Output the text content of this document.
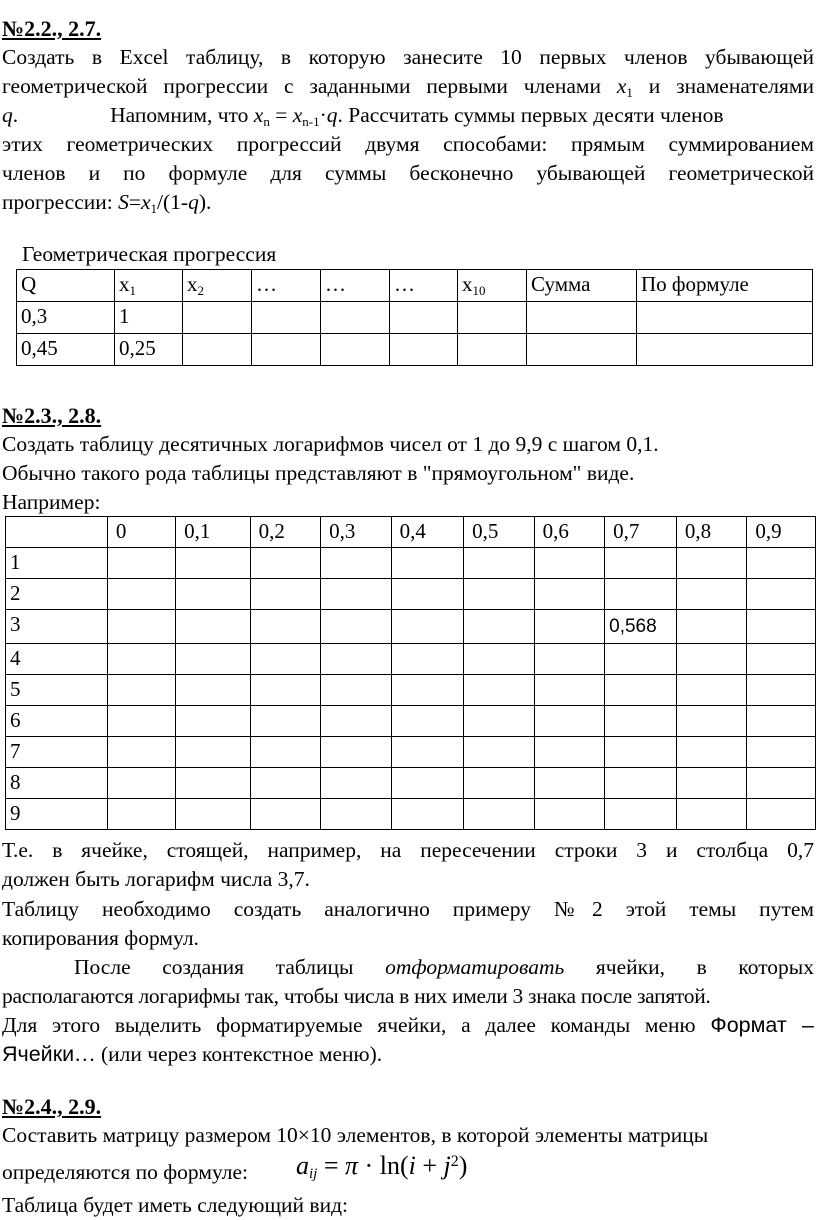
№2.2., 2.7.
Создать в Excel таблицу, в которую занесите 10 первых членов убывающей
геометрической прогрессии с заданными первыми членами $x_1$ и знаменателями
q.	Напомним, что $x_n = x_{n-1}\cdot q$. Рассчитать суммы первых десяти членов
этих геометрических прогрессий двумя способами: прямым суммированием
членов и по формуле для суммы бесконечно убывающей геометрической
прогрессии: $S=x_1/(1-q)$.
Геометрическая прогрессия
Q	$x_1$	$x_2$	…	…	…	$x_{10}$	Сумма	По формуле
0,3	1							
0,45	0,25							
№2.3., 2.8.
Создать таблицу десятичных логарифмов чисел от 1 до 9,9 с шагом 0,1.
Обычно такого рода таблицы представляют в "прямоугольном" виде.
Например:
	0	0,1	0,2	0,3	0,4	0,5	0,6	0,7	0,8	0,9
1										
2										
3								0,568		
4										
5										
6										
7										
8										
9										
Т.е. в ячейке, стоящей, например, на пересечении строки 3 и столбца 0,7
должен быть логарифм числа 3,7.
Таблицу необходимо создать аналогично примеру №2 этой темы путем
копирования формул.
После создания таблицы отформатировать ячейки, в которых
располагаются логарифмы так, чтобы числа в них имели 3 знака после запятой.
Для этого выделить форматируемые ячейки, а далее команды меню Формат –
Ячейки… (или через контекстное меню).
№2.4., 2.9.
Составить матрицу размером 10×10 элементов, в которой элементы матрицы
определяются по формуле:	$a_{ij} = \pi \cdot \ln(i + j^2)$
Таблица будет иметь следующий вид:
